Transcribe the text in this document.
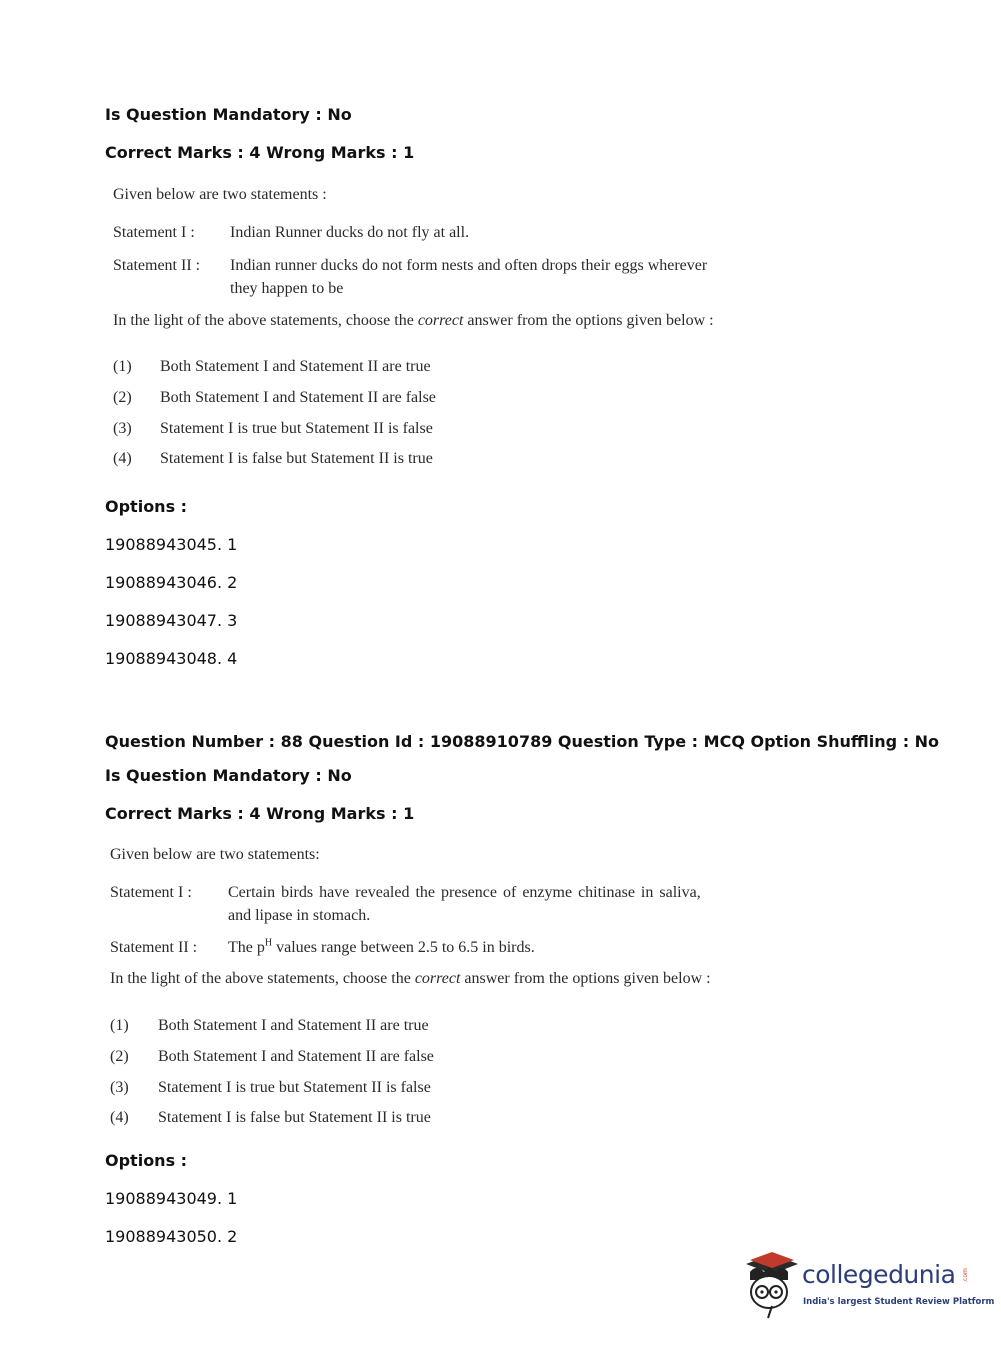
Is Question Mandatory : No
Correct Marks : 4 Wrong Marks : 1
Given below are two statements :
Statement I : Indian Runner ducks do not fly at all.
Statement II : Indian runner ducks do not form nests and often drops their eggs wherever
they happen to be
In the light of the above statements, choose the correct answer from the options given below :
(1) Both Statement I and Statement II are true
(2) Both Statement I and Statement II are false
(3) Statement I is true but Statement II is false
(4) Statement I is false but Statement II is true
Options :
19088943045. 1
19088943046. 2
19088943047. 3
19088943048. 4
Question Number : 88 Question Id : 19088910789 Question Type : MCQ Option Shuffling : No
Is Question Mandatory : No
Correct Marks : 4 Wrong Marks : 1
Given below are two statements:
Statement I : Certain birds have revealed the presence of enzyme chitinase in saliva,
and lipase in stomach.
Statement II : The $p^H$ values range between 2.5 to 6.5 in birds.
In the light of the above statements, choose the correct answer from the options given below :
(1) Both Statement I and Statement II are true
(2) Both Statement I and Statement II are false
(3) Statement I is true but Statement II is false
(4) Statement I is false but Statement II is true
Options :
19088943049. 1
19088943050. 2
collegedunia .com
India's largest Student Review Platform
